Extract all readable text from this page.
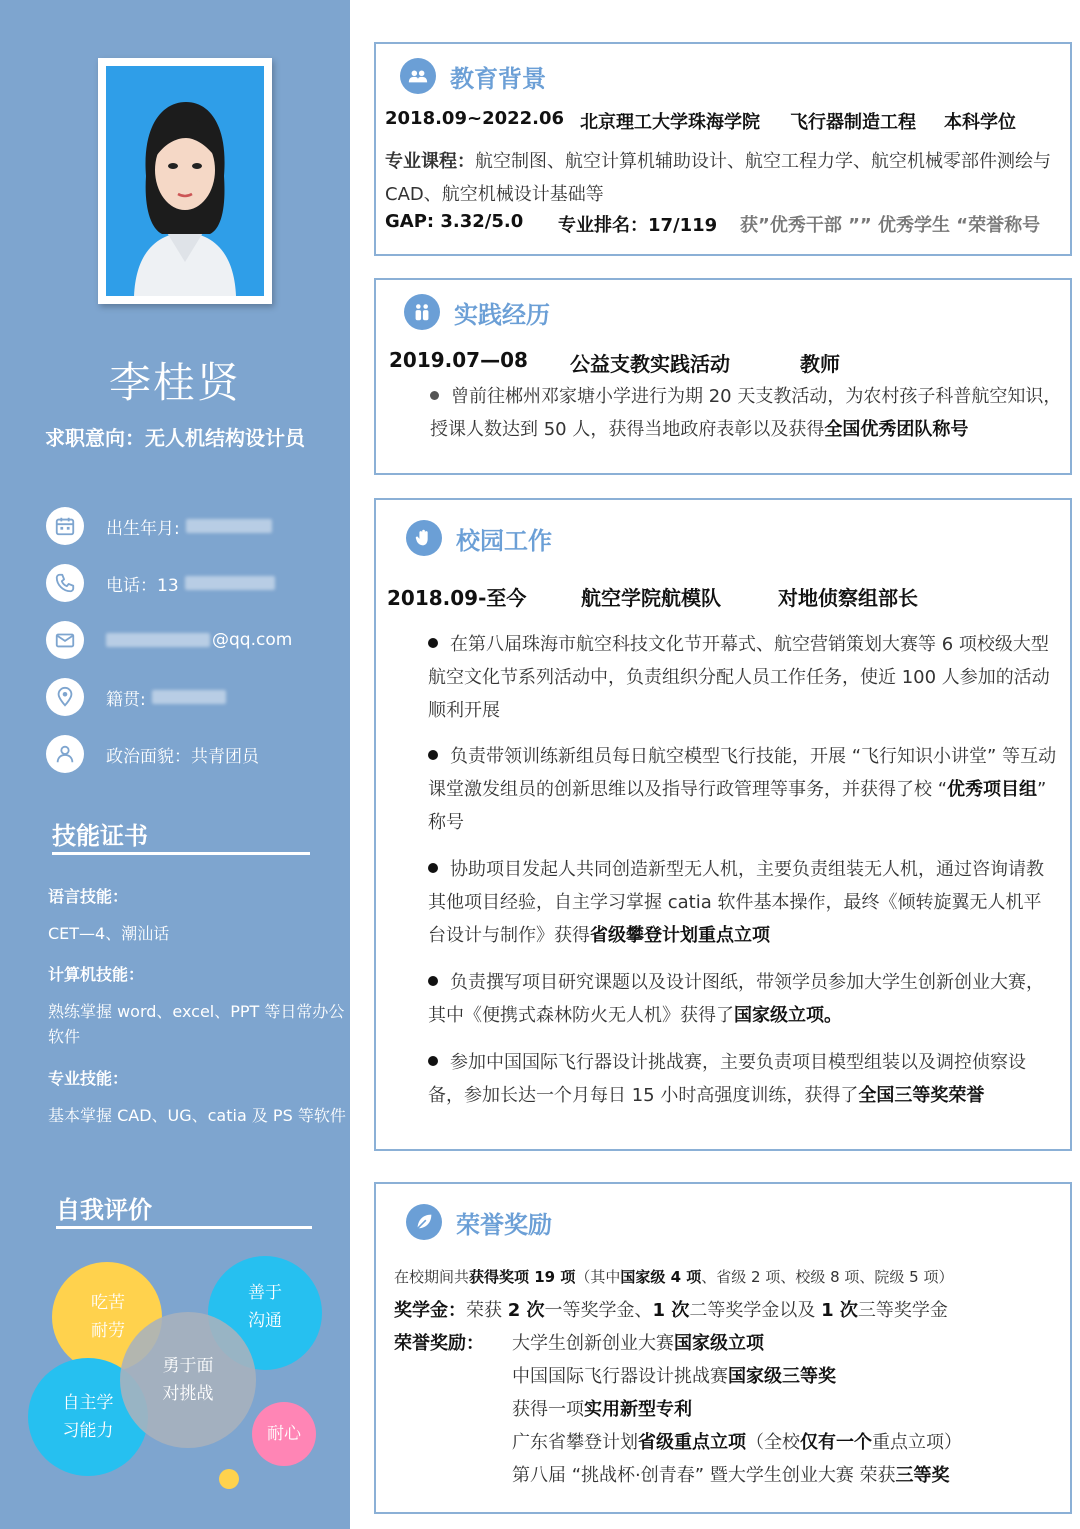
李桂贤
求职意向：无人机结构设计员
出生年月:
电话：13
@qq.com
籍贯:
政治面貌：共青团员
技能证书
语言技能：
CET—4、潮汕话
计算机技能：
熟练掌握 word、excel、PPT 等日常办公软件
专业技能：
基本掌握 CAD、UG、catia 及 PS 等软件
自我评价
吃苦耐劳
善于沟通
自主学习能力
勇于面对挑战
耐心
教育背景
2018.09~2022.06 北京理工大学珠海学院 飞行器制造工程 本科学位
专业课程：航空制图、航空计算机辅助设计、航空工程力学、航空机械零部件测绘与 CAD、航空机械设计基础等
GAP: 3.32/5.0 专业排名：17/119 获”优秀干部 ”” 优秀学生 “荣誉称号
实践经历
2019.07—08 公益支教实践活动	教师
曾前往郴州邓家塘小学进行为期 20 天支教活动，为农村孩子科普航空知识，授课人数达到 50 人，获得当地政府表彰以及获得全国优秀团队称号
校园工作
2018.09-至今	航空学院航模队	对地侦察组部长
在第八届珠海市航空科技文化节开幕式、航空营销策划大赛等 6 项校级大型航空文化节系列活动中，负责组织分配人员工作任务，使近 100 人参加的活动顺利开展
负责带领训练新组员每日航空模型飞行技能，开展 “飞行知识小讲堂” 等互动课堂激发组员的创新思维以及指导行政管理等事务，并获得了校 “优秀项目组” 称号
协助项目发起人共同创造新型无人机，主要负责组装无人机，通过咨询请教其他项目经验，自主学习掌握 catia 软件基本操作，最终《倾转旋翼无人机平台设计与制作》获得省级攀登计划重点立项
负责撰写项目研究课题以及设计图纸，带领学员参加大学生创新创业大赛，其中《便携式森林防火无人机》获得了国家级立项。
参加中国国际飞行器设计挑战赛，主要负责项目模型组装以及调控侦察设备，参加长达一个月每日 15 小时高强度训练，获得了全国三等奖荣誉
荣誉奖励
在校期间共获得奖项 19 项（其中国家级 4 项、省级 2 项、校级 8 项、院级 5 项）
奖学金：荣获 2 次一等奖学金、1 次二等奖学金以及 1 次三等奖学金
荣誉奖励： 大学生创新创业大赛国家级立项
中国国际飞行器设计挑战赛国家级三等奖
获得一项实用新型专利
广东省攀登计划省级重点立项（全校仅有一个重点立项）
第八届 “挑战杯·创青春” 暨大学生创业大赛 荣获三等奖
